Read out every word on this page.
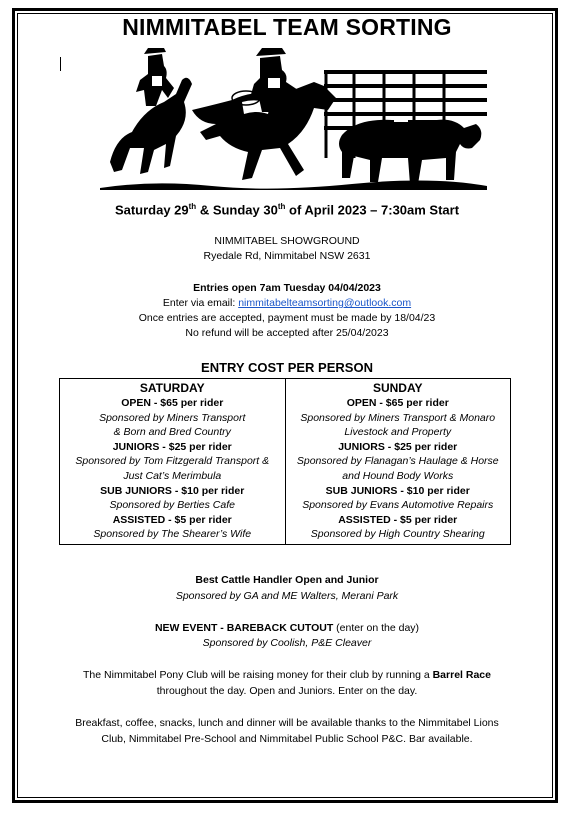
NIMMITABEL TEAM SORTING
Saturday 29th & Sunday 30th of April 2023 – 7:30am Start
NIMMITABEL SHOWGROUND
Ryedale Rd, Nimmitabel NSW 2631
Entries open 7am Tuesday 04/04/2023
Enter via email: nimmitabelteamsorting@outlook.com
Once entries are accepted, payment must be made by 18/04/23
No refund will be accepted after 25/04/2023
ENTRY COST PER PERSON
SATURDAY
OPEN - $65 per rider
Sponsored by Miners Transport
& Born and Bred Country
JUNIORS - $25 per rider
Sponsored by Tom Fitzgerald Transport &
Just Cat’s Merimbula
SUB JUNIORS - $10 per rider
Sponsored by Berties Cafe
ASSISTED - $5 per rider
Sponsored by The Shearer’s Wife

SUNDAY
OPEN - $65 per rider
Sponsored by Miners Transport & Monaro
Livestock and Property
JUNIORS - $25 per rider
Sponsored by Flanagan’s Haulage & Horse
and Hound Body Works
SUB JUNIORS - $10 per rider
Sponsored by Evans Automotive Repairs
ASSISTED - $5 per rider
Sponsored by High Country Shearing
Best Cattle Handler Open and Junior
Sponsored by GA and ME Walters, Merani Park
NEW EVENT - BAREBACK CUTOUT (enter on the day)
Sponsored by Coolish, P&E Cleaver
The Nimmitabel Pony Club will be raising money for their club by running a Barrel Race
throughout the day. Open and Juniors. Enter on the day.
Breakfast, coffee, snacks, lunch and dinner will be available thanks to the Nimmitabel Lions
Club, Nimmitabel Pre-School and Nimmitabel Public School P&C. Bar available.
